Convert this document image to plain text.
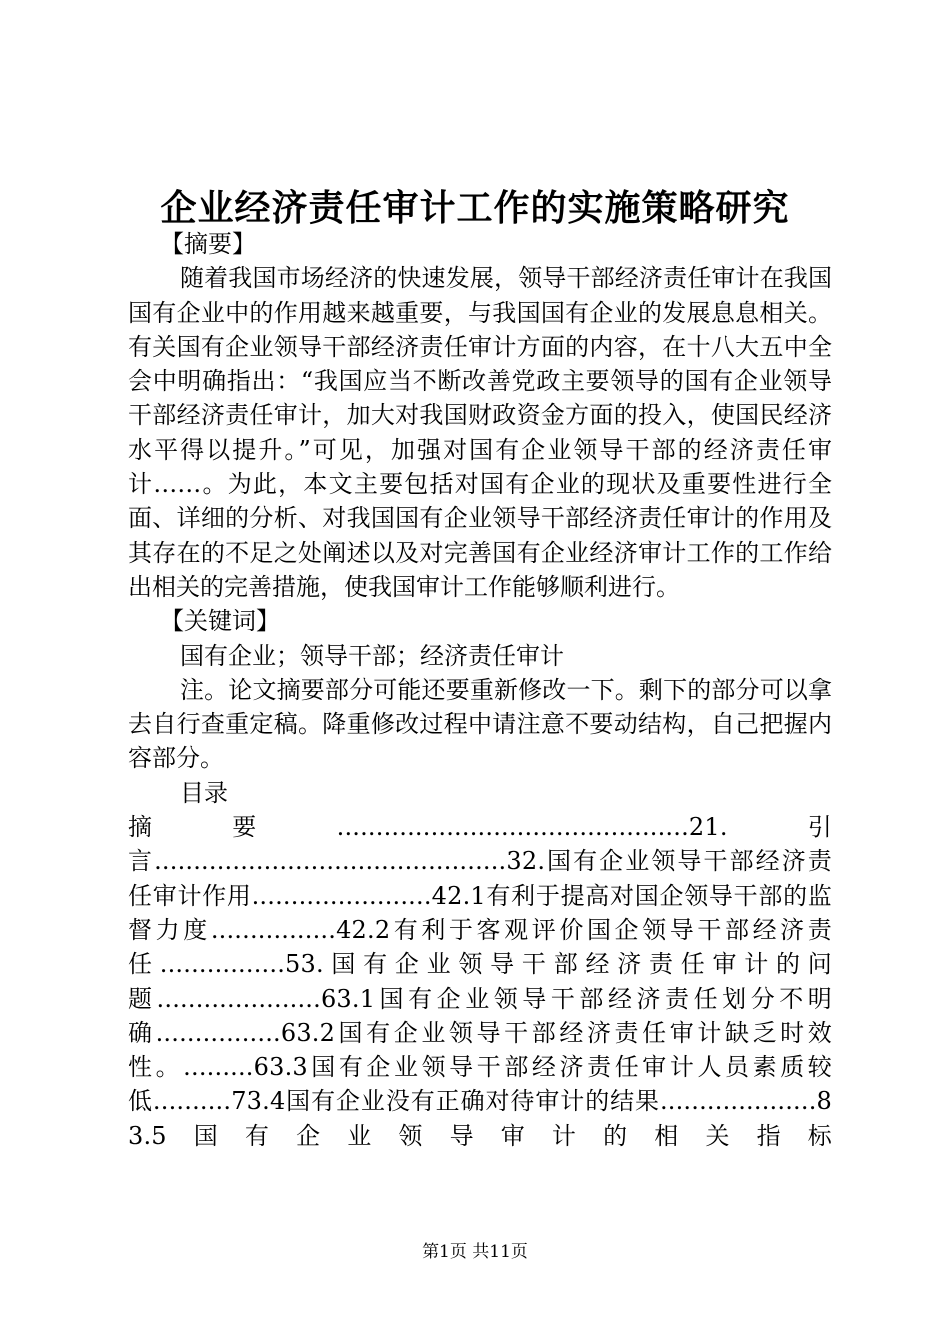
企业经济责任审计工作的实施策略研究
【摘要】

随着我国市场经济的快速发展，领导干部经济责任审计在我国国有企业中的作用越来越重要，与我国国有企业的发展息息相关。有关国有企业领导干部经济责任审计方面的内容，在十八大五中全会中明确指出：“我国应当不断改善党政主要领导的国有企业领导干部经济责任审计，加大对我国财政资金方面的投入，使国民经济水平得以提升。”可见，加强对国有企业领导干部的经济责任审计……。为此，本文主要包括对国有企业的现状及重要性进行全面、详细的分析、对我国国有企业领导干部经济责任审计的作用及其存在的不足之处阐述以及对完善国有企业经济审计工作的工作给出相关的完善措施，使我国审计工作能够顺利进行。

【关键词】

国有企业；领导干部；经济责任审计

注。论文摘要部分可能还要重新修改一下。剩下的部分可以拿去自行查重定稿。降重修改过程中请注意不要动结构，自己把握内容部分。

目录

摘要.............................................21.引言.............................................32.国有企业领导干部经济责任审计作用.......................42.1有利于提高对国企领导干部的监督力度................42.2有利于客观评价国企领导干部经济责任................53.国有企业领导干部经济责任审计的问题.....................63.1国有企业领导干部经济责任划分不明确................63.2国有企业领导干部经济责任审计缺乏时效性。.........63.3国有企业领导干部经济责任审计人员素质较低..........73.4国有企业没有正确对待审计的结果....................83.5国有企业领导审计的相关指标

第1页 共11页
